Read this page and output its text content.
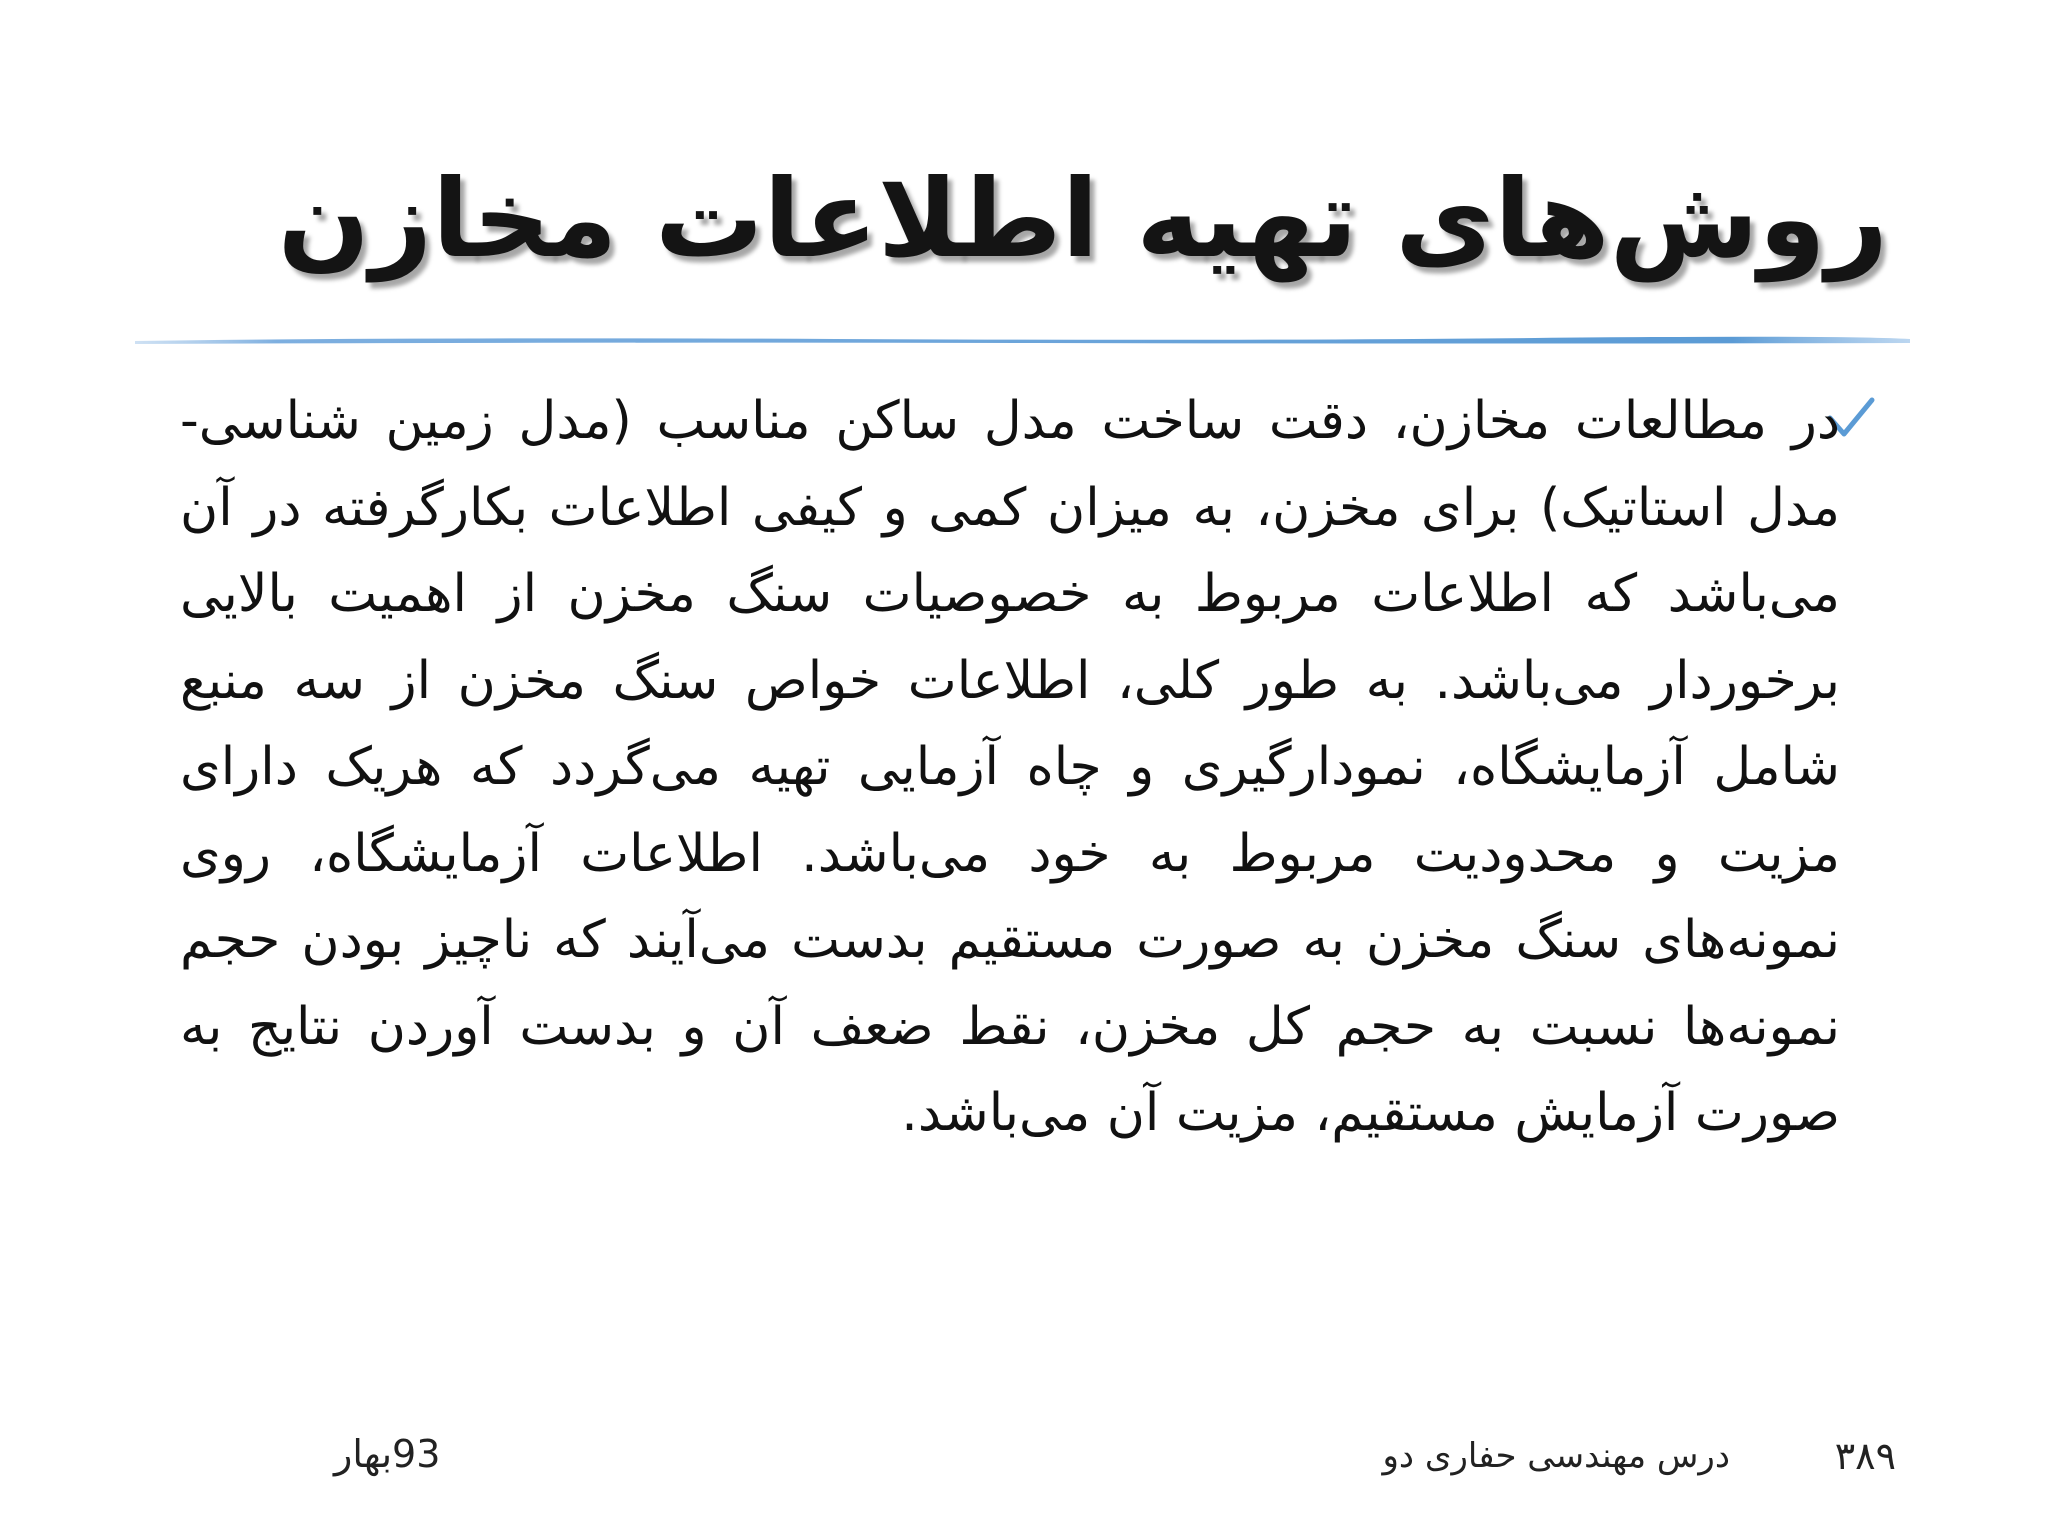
روش‌های تهیه اطلاعات مخازن
در مطالعات مخازن، دقت ساخت مدل ساکن مناسب (مدل زمین شناسی-مدل استاتیک) برای مخزن، به میزان کمی و کیفی اطلاعات بکارگرفته در آن می‌باشد که اطلاعات مربوط به خصوصیات سنگ مخزن از اهمیت بالایی برخوردار می‌باشد. به طور کلی، اطلاعات خواص سنگ مخزن از سه منبع شامل آزمایشگاه، نمودارگیری و چاه آزمایی تهیه می‌گردد که هریک دارای مزیت و محدودیت مربوط به خود می‌باشد. اطلاعات آزمایشگاه، روی نمونه‌های سنگ مخزن به صورت مستقیم بدست می‌آیند که ناچیز بودن حجم نمونه‌ها نسبت به حجم کل مخزن، نقط ضعف آن و بدست آوردن نتایج به صورت آزمایش مستقیم، مزیت آن می‌باشد.
۳۸۹
درس مهندسی حفاری دو
93بهار
